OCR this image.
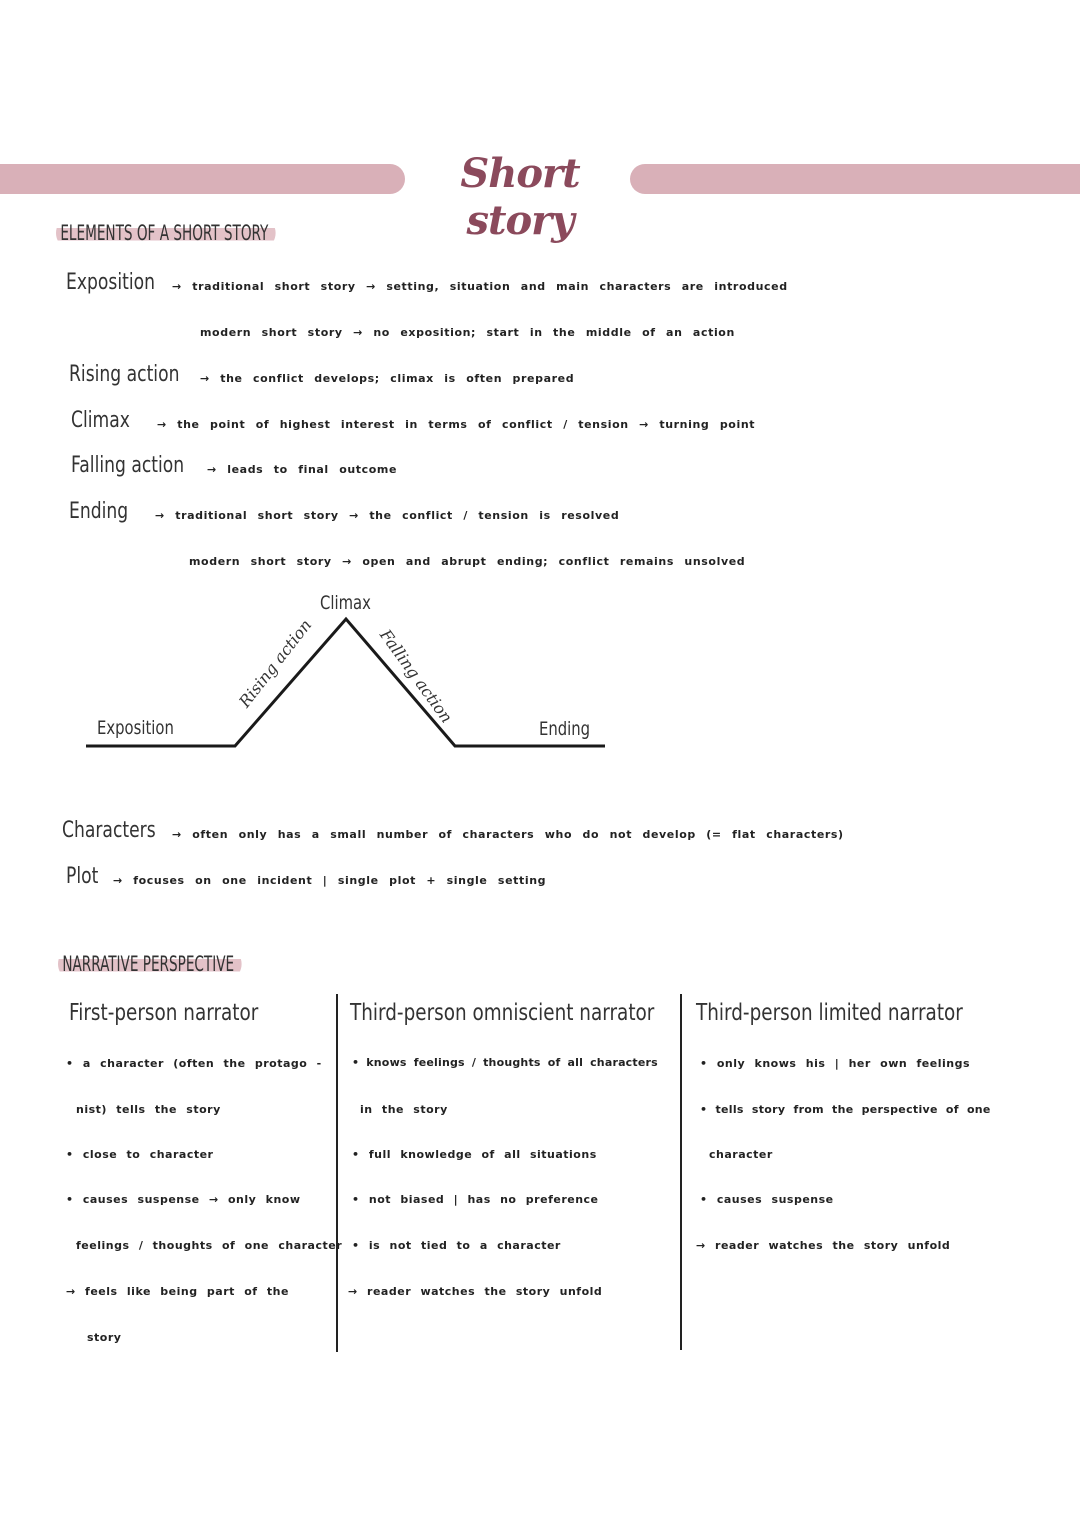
Short story
ELEMENTS OF A SHORT STORY
Exposition → traditional short story → setting, situation and main characters are introduced
modern short story → no exposition; start in the middle of an action
Rising action → the conflict develops; climax is often prepared
Climax → the point of highest interest in terms of conflict / tension → turning point
Falling action → leads to final outcome
Ending → traditional short story → the conflict / tension is resolved
modern short story → open and abrupt ending; conflict remains unsolved
Climax
Rising action	Falling action
Exposition	Ending
Characters → often only has a small number of characters who do not develop (= flat characters)
Plot → focuses on one incident | single plot + single setting
NARRATIVE PERSPECTIVE
First-person narrator
• a character (often the protago -
nist) tells the story
• close to character
• causes suspense → only know
feelings / thoughts of one character
→ feels like being part of the
story
Third-person omniscient narrator
• knows feelings / thoughts of all characters
in the story
• full knowledge of all situations
• not biased | has no preference
• is not tied to a character
→ reader watches the story unfold
Third-person limited narrator
• only knows his | her own feelings
• tells story from the perspective of one
character
• causes suspense
→ reader watches the story unfold
